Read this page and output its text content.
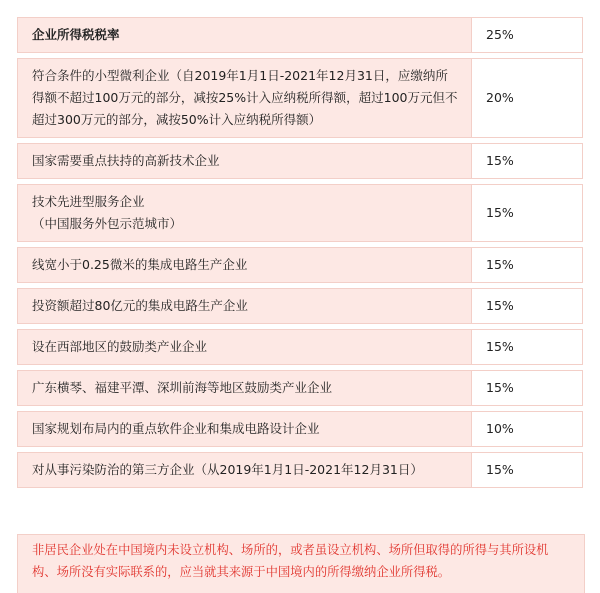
企业所得税税率	25%
符合条件的小型微利企业（自2019年1月1日-2021年12月31日，应缴纳所得额不超过100万元的部分，减按25%计入应纳税所得额，超过100万元但不超过300万元的部分，减按50%计入应纳税所得额）	20%
国家需要重点扶持的高新技术企业	15%

技术先进型服务企业
（中国服务外包示范城市）	15%
线宽小于0.25微米的集成电路生产企业	15%
投资额超过80亿元的集成电路生产企业	15%
设在西部地区的鼓励类产业企业	15%
广东横琴、福建平潭、深圳前海等地区鼓励类产业企业	15%
国家规划布局内的重点软件企业和集成电路设计企业	10%
对从事污染防治的第三方企业（从2019年1月1日-2021年12月31日）	15%
非居民企业处在中国境内未设立机构、场所的，或者虽设立机构、场所但取得的所得与其所设机构、场所没有实际联系的，应当就其来源于中国境内的所得缴纳企业所得税。
